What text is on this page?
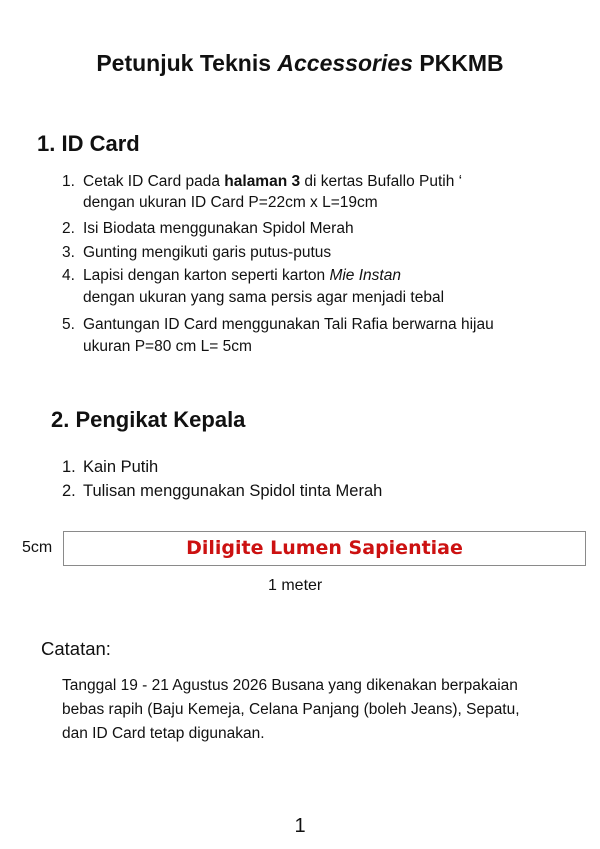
Petunjuk Teknis Accessories PKKMB
1. ID Card
1. Cetak ID Card pada halaman 3 di kertas Bufallo Putih ‘
dengan ukuran ID Card P=22cm x L=19cm
2. Isi Biodata menggunakan Spidol Merah
3. Gunting mengikuti garis putus-putus
4. Lapisi dengan karton seperti karton Mie Instan
dengan ukuran yang sama persis agar menjadi tebal
5. Gantungan ID Card menggunakan Tali Rafia berwarna hijau
ukuran P=80 cm L= 5cm
2. Pengikat Kepala
1. Kain Putih
2. Tulisan menggunakan Spidol tinta Merah
5cm	Diligite Lumen Sapientiae
1 meter
Catatan:
Tanggal 19 - 21 Agustus 2026 Busana yang dikenakan berpakaian
bebas rapih (Baju Kemeja, Celana Panjang (boleh Jeans), Sepatu,
dan ID Card tetap digunakan.
1
